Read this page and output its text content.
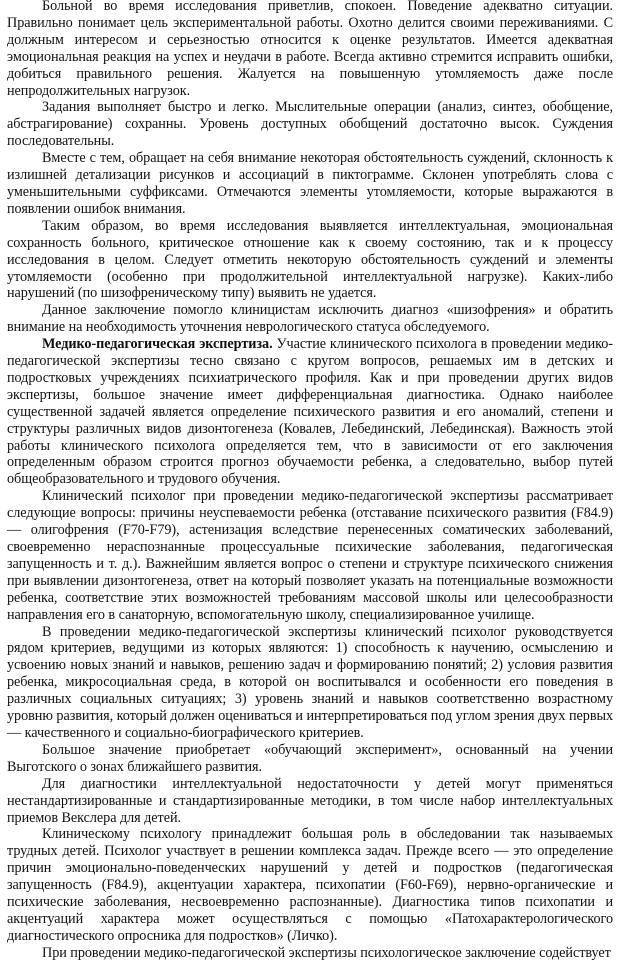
Больной во время исследования приветлив, спокоен. Поведение адекватно ситуации. Правильно понимает цель экспериментальной работы. Охотно делится своими переживаниями. С должным интересом и серьезностью относится к оценке результатов. Имеется адекватная эмоциональная реакция на успех и неудачи в работе. Всегда активно стремится исправить ошибки, добиться правильного решения. Жалуется на повышенную утомляемость даже после непродолжительных нагрузок.

Задания выполняет быстро и легко. Мыслительные операции (анализ, синтез, обобщение, абстрагирование) сохранны. Уровень доступных обобщений достаточно высок. Суждения последовательны.

Вместе с тем, обращает на себя внимание некоторая обстоятельность суждений, склонность к излишней детализации рисунков и ассоциаций в пиктограмме. Склонен употреблять слова с уменьшительными суффиксами. Отмечаются элементы утомляемости, которые выражаются в появлении ошибок внимания.

Таким образом, во время исследования выявляется интеллектуальная, эмоциональная сохранность больного, критическое отношение как к своему состоянию, так и к процессу исследования в целом. Следует отметить некоторую обстоятельность суждений и элементы утомляемости (особенно при продолжительной интеллектуальной нагрузке). Каких-либо нарушений (по шизофреническому типу) выявить не удается.

Данное заключение помогло клиницистам исключить диагноз «шизофрения» и обратить внимание на необходимость уточнения неврологического статуса обследуемого.

Медико-педагогическая экспертиза. Участие клинического психолога в проведении медико-педагогической экспертизы тесно связано с кругом вопросов, решаемых им в детских и подростковых учреждениях психиатрического профиля. Как и при проведении других видов экспертизы, большое значение имеет дифференциальная диагностика. Однако наиболее существенной задачей является определение психического развития и его аномалий, степени и структуры различных видов дизонтогенеза (Ковалев, Лебединский, Лебединская). Важность этой работы клинического психолога определяется тем, что в зависимости от его заключения определенным образом строится прогноз обучаемости ребенка, а следовательно, выбор путей общеобразовательного и трудового обучения.

Клинический психолог при проведении медико-педагогической экспертизы рассматривает следующие вопросы: причины неуспеваемости ребенка (отставание психического развития (F84.9) — олигофрения (F70-F79), астенизация вследствие перенесенных соматических заболеваний, своевременно нераспознанные процессуальные психические заболевания, педагогическая запущенность и т. д.). Важнейшим является вопрос о степени и структуре психического снижения при выявлении дизонтогенеза, ответ на который позволяет указать на потенциальные возможности ребенка, соответствие этих возможностей требованиям массовой школы или целесообразности направления его в санаторную, вспомогательную школу, специализированное училище.

В проведении медико-педагогической экспертизы клинический психолог руководствуется рядом критериев, ведущими из которых являются: 1) способность к научению, осмыслению и усвоению новых знаний и навыков, решению задач и формированию понятий; 2) условия развития ребенка, микросоциальная среда, в которой он воспитывался и особенности его поведения в различных социальных ситуациях; 3) уровень знаний и навыков соответственно возрастному уровню развития, который должен оцениваться и интерпретироваться под углом зрения двух первых — качественного и социально-биографического критериев.

Большое значение приобретает «обучающий эксперимент», основанный на учении Выготского о зонах ближайшего развития.

Для диагностики интеллектуальной недостаточности у детей могут применяться нестандартизированные и стандартизированные методики, в том числе набор интеллектуальных приемов Векслера для детей.

Клиническому психологу принадлежит большая роль в обследовании так называемых трудных детей. Психолог участвует в решении комплекса задач. Прежде всего — это определение причин эмоционально-поведенческих нарушений у детей и подростков (педагогическая запущенность (F84.9), акцентуации характера, психопатии (F60-F69), нервно-органические и психические заболевания, несвоевременно распознанные). Диагностика типов психопатии и акцентуаций характера может осуществляться с помощью «Патохарактерологического диагностического опросника для подростков» (Личко).

При проведении медико-педагогической экспертизы психологическое заключение содействует
